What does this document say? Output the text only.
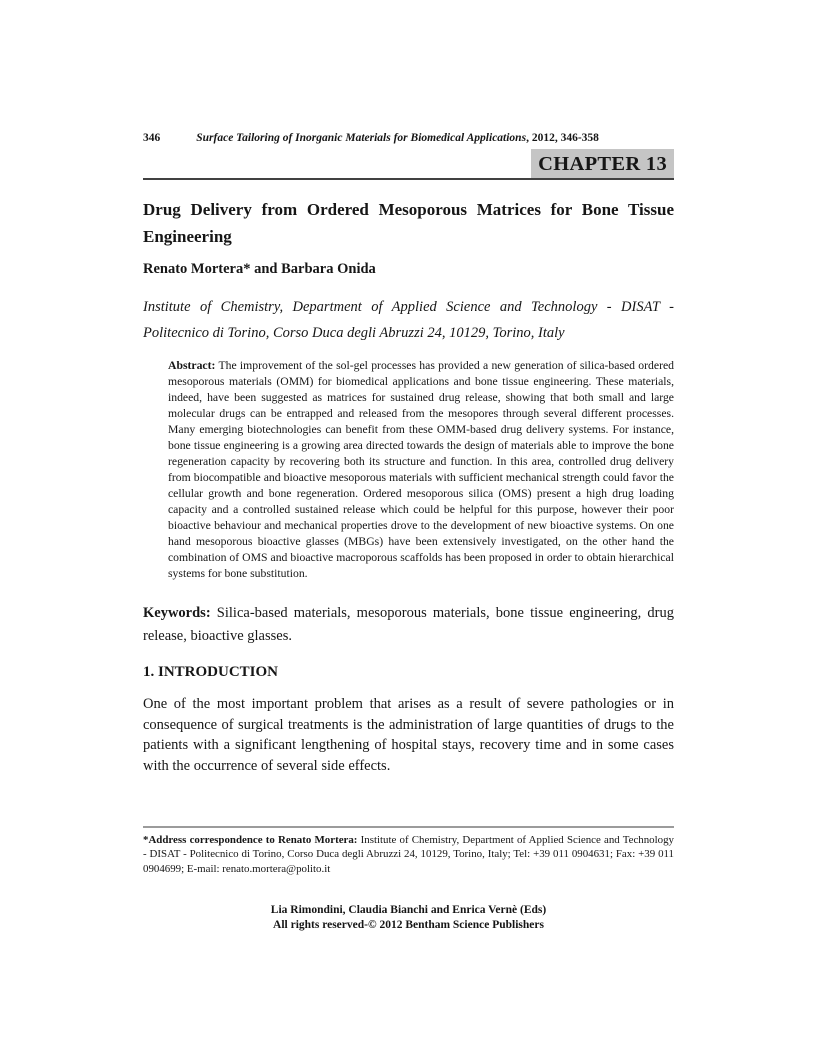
346	Surface Tailoring of Inorganic Materials for Biomedical Applications, 2012, 346-358
CHAPTER 13
Drug Delivery from Ordered Mesoporous Matrices for Bone Tissue Engineering
Renato Mortera* and Barbara Onida
Institute of Chemistry, Department of Applied Science and Technology - DISAT - Politecnico di Torino, Corso Duca degli Abruzzi 24, 10129, Torino, Italy

Abstract: The improvement of the sol-gel processes has provided a new generation of silica-based ordered mesoporous materials (OMM) for biomedical applications and bone tissue engineering. These materials, indeed, have been suggested as matrices for sustained drug release, showing that both small and large molecular drugs can be entrapped and released from the mesopores through several different processes. Many emerging biotechnologies can benefit from these OMM-based drug delivery systems. For instance, bone tissue engineering is a growing area directed towards the design of materials able to improve the bone regeneration capacity by recovering both its structure and function. In this area, controlled drug delivery from biocompatible and bioactive mesoporous materials with sufficient mechanical strength could favor the cellular growth and bone regeneration. Ordered mesoporous silica (OMS) present a high drug loading capacity and a controlled sustained release which could be helpful for this purpose, however their poor bioactive behaviour and mechanical properties drove to the development of new bioactive systems. On one hand mesoporous bioactive glasses (MBGs) have been extensively investigated, on the other hand the combination of OMS and bioactive macroporous scaffolds has been proposed in order to obtain hierarchical systems for bone substitution.

Keywords: Silica-based materials, mesoporous materials, bone tissue engineering, drug release, bioactive glasses.

1. INTRODUCTION

One of the most important problem that arises as a result of severe pathologies or in consequence of surgical treatments is the administration of large quantities of drugs to the patients with a significant lengthening of hospital stays, recovery time and in some cases with the occurrence of several side effects.

*Address correspondence to Renato Mortera: Institute of Chemistry, Department of Applied Science and Technology - DISAT - Politecnico di Torino, Corso Duca degli Abruzzi 24, 10129, Torino, Italy; Tel: +39 011 0904631; Fax: +39 011 0904699; E-mail: renato.mortera@polito.it

Lia Rimondini, Claudia Bianchi and Enrica Vernè (Eds)
All rights reserved-© 2012 Bentham Science Publishers
